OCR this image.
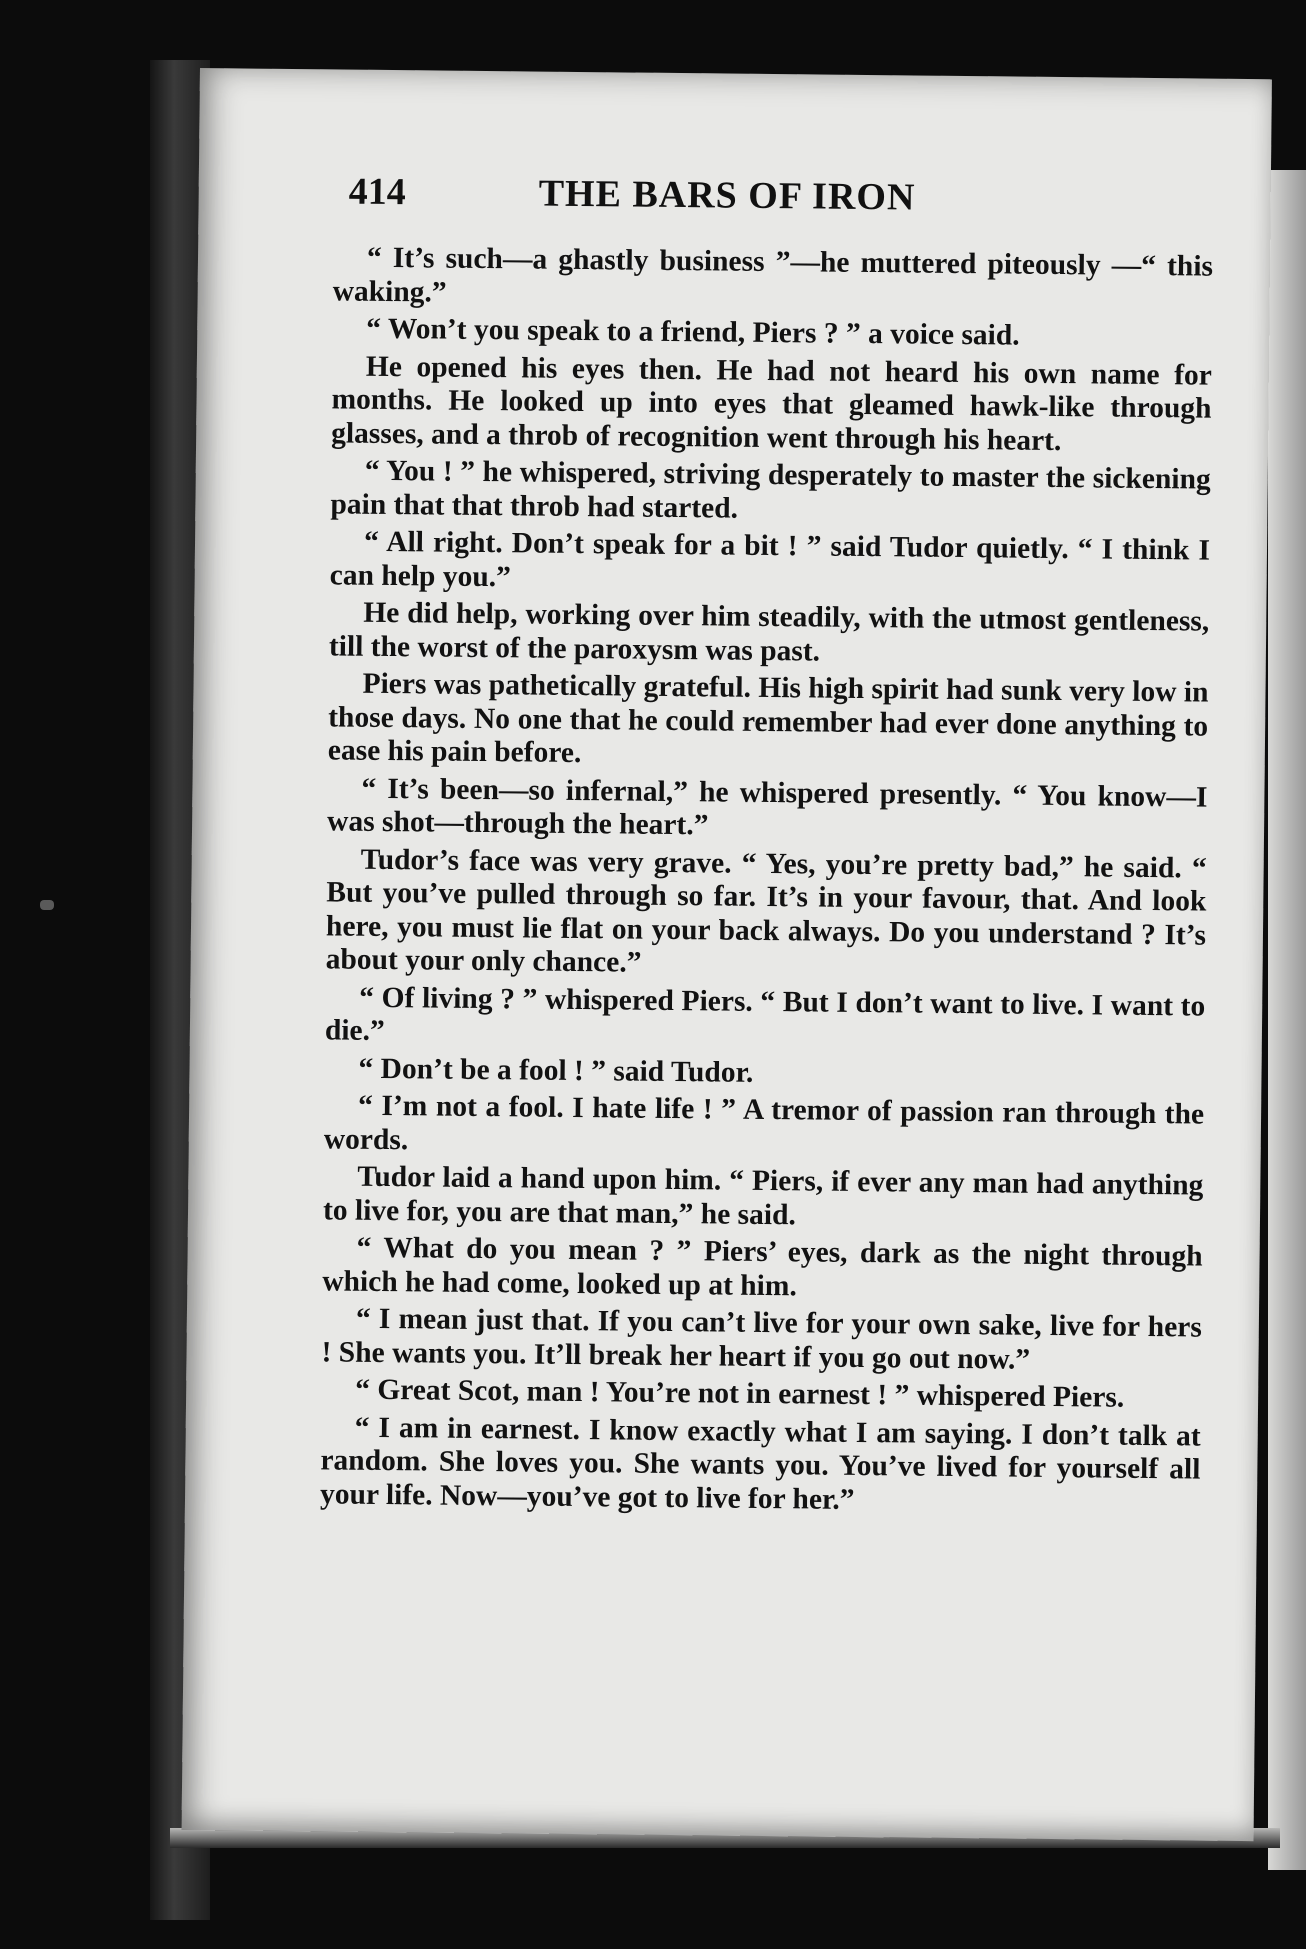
414	THE BARS OF IRON

“ It’s such—a ghastly business ”—he muttered piteously —“ this waking.”

“ Won’t you speak to a friend, Piers ? ” a voice said.

He opened his eyes then. He had not heard his own name for months. He looked up into eyes that gleamed hawk-like through glasses, and a throb of recognition went through his heart.

“ You ! ” he whispered, striving desperately to master the sickening pain that that throb had started.

“ All right. Don’t speak for a bit ! ” said Tudor quietly. “ I think I can help you.”

He did help, working over him steadily, with the utmost gentleness, till the worst of the paroxysm was past.

Piers was pathetically grateful. His high spirit had sunk very low in those days. No one that he could remember had ever done anything to ease his pain before.

“ It’s been—so infernal,” he whispered presently. “ You know—I was shot—through the heart.”

Tudor’s face was very grave. “ Yes, you’re pretty bad,” he said. “ But you’ve pulled through so far. It’s in your favour, that. And look here, you must lie flat on your back always. Do you understand ? It’s about your only chance.”

“ Of living ? ” whispered Piers. “ But I don’t want to live. I want to die.”

“ Don’t be a fool ! ” said Tudor.

“ I’m not a fool. I hate life ! ” A tremor of passion ran through the words.

Tudor laid a hand upon him. “ Piers, if ever any man had anything to live for, you are that man,” he said.

“ What do you mean ? ” Piers’ eyes, dark as the night through which he had come, looked up at him.

“ I mean just that. If you can’t live for your own sake, live for hers ! She wants you. It’ll break her heart if you go out now.”

“ Great Scot, man ! You’re not in earnest ! ” whispered Piers.

“ I am in earnest. I know exactly what I am saying. I don’t talk at random. She loves you. She wants you. You’ve lived for yourself all your life. Now—you’ve got to live for her.”
